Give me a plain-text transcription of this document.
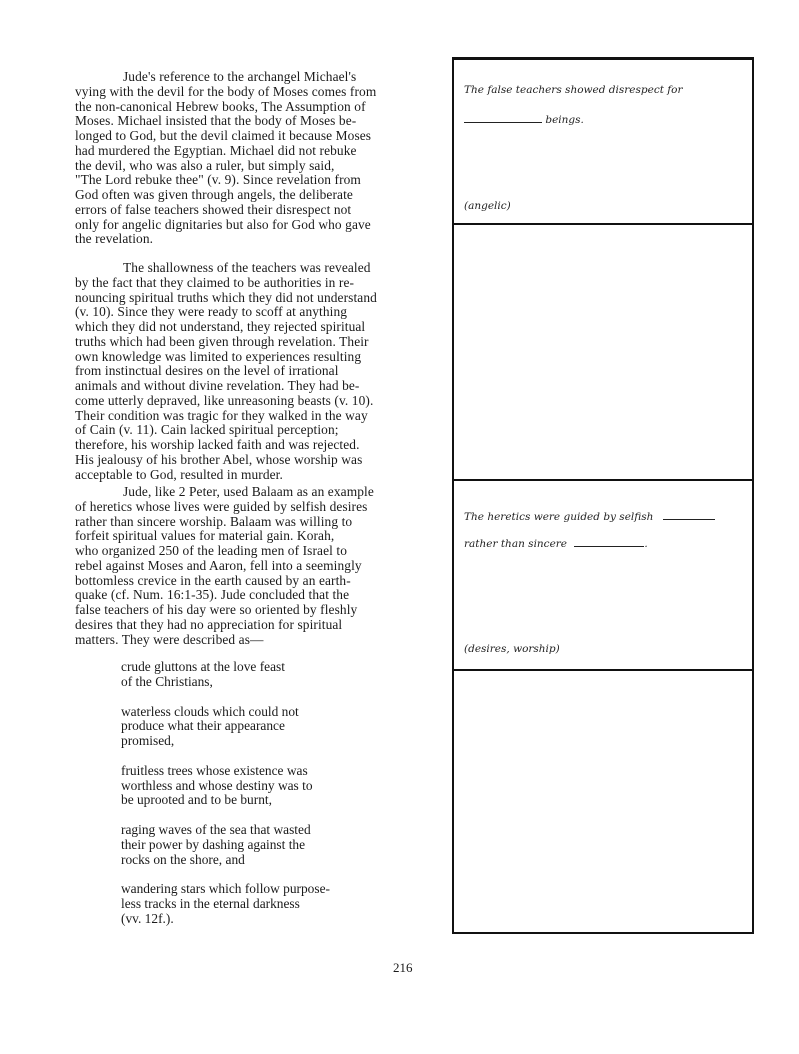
Jude's reference to the archangel Michael's
vying with the devil for the body of Moses comes from
the non-canonical Hebrew books, The Assumption of
Moses. Michael insisted that the body of Moses be-
longed to God, but the devil claimed it because Moses
had murdered the Egyptian. Michael did not rebuke
the devil, who was also a ruler, but simply said,
"The Lord rebuke thee" (v. 9). Since revelation from
God often was given through angels, the deliberate
errors of false teachers showed their disrespect not
only for angelic dignitaries but also for God who gave
the revelation.
The shallowness of the teachers was revealed
by the fact that they claimed to be authorities in re-
nouncing spiritual truths which they did not understand
(v. 10). Since they were ready to scoff at anything
which they did not understand, they rejected spiritual
truths which had been given through revelation. Their
own knowledge was limited to experiences resulting
from instinctual desires on the level of irrational
animals and without divine revelation. They had be-
come utterly depraved, like unreasoning beasts (v. 10).
Their condition was tragic for they walked in the way
of Cain (v. 11). Cain lacked spiritual perception;
therefore, his worship lacked faith and was rejected.
His jealousy of his brother Abel, whose worship was
acceptable to God, resulted in murder.
Jude, like 2 Peter, used Balaam as an example
of heretics whose lives were guided by selfish desires
rather than sincere worship. Balaam was willing to
forfeit spiritual values for material gain. Korah,
who organized 250 of the leading men of Israel to
rebel against Moses and Aaron, fell into a seemingly
bottomless crevice in the earth caused by an earth-
quake (cf. Num. 16:1-35). Jude concluded that the
false teachers of his day were so oriented by fleshly
desires that they had no appreciation for spiritual
matters. They were described as—
crude gluttons at the love feast
of the Christians,
waterless clouds which could not
produce what their appearance
promised,
fruitless trees whose existence was
worthless and whose destiny was to
be uprooted and to be burnt,
raging waves of the sea that wasted
their power by dashing against the
rocks on the shore, and
wandering stars which follow purpose-
less tracks in the eternal darkness
(vv. 12f.).
The false teachers showed disrespect for
beings.
(angelic)
The heretics were guided by selfish
rather than sincere	.
(desires, worship)
216
